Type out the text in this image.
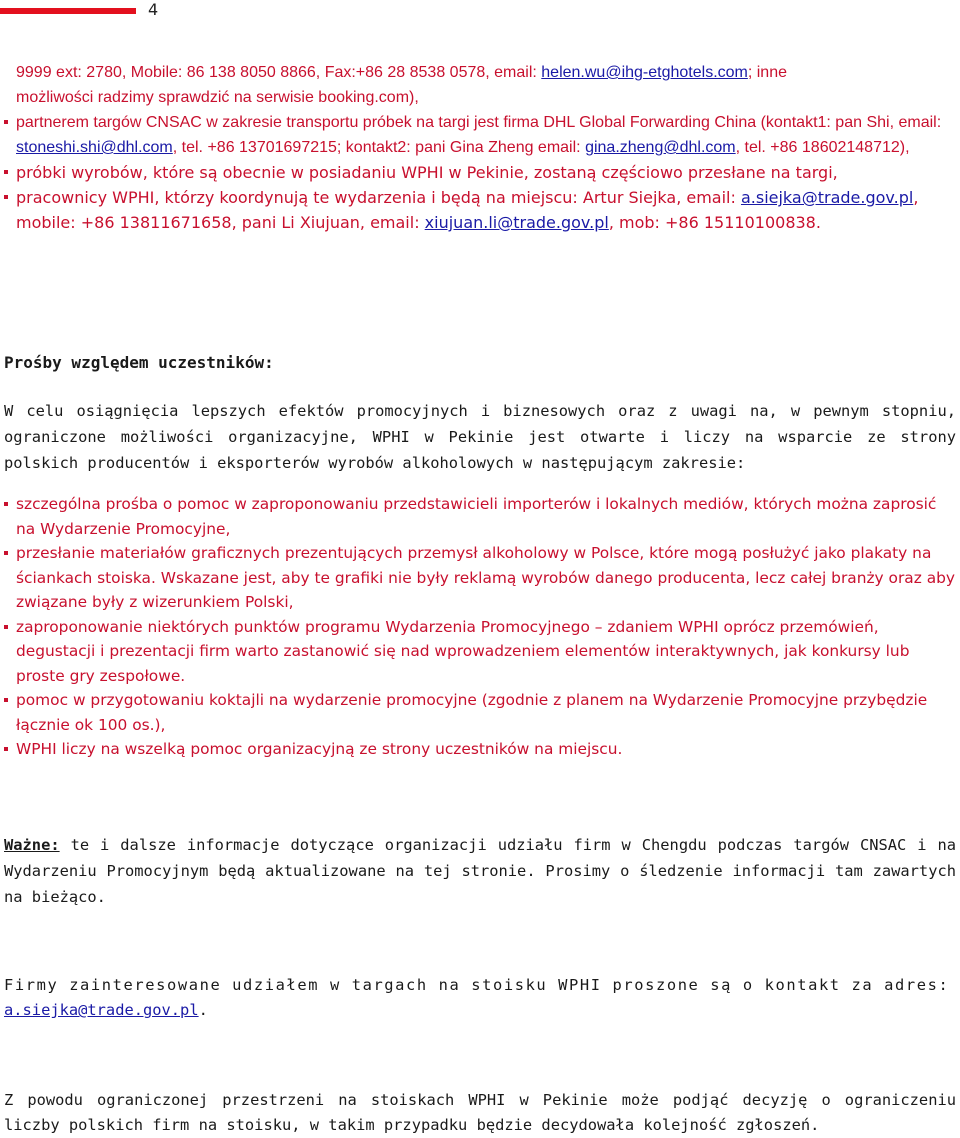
4
9999 ext: 2780, Mobile: 86 138 8050 8866, Fax:+86 28 8538 0578, email: helen.wu@ihg-etghotels.com; inne
możliwości radzimy sprawdzić na serwisie booking.com),
partnerem targów CNSAC w zakresie transportu próbek na targi jest firma DHL Global Forwarding China (kontakt1: pan Shi, email: stoneshi.shi@dhl.com, tel. +86 13701697215; kontakt2: pani Gina Zheng email: gina.zheng@dhl.com, tel. +86 18602148712),
próbki wyrobów, które są obecnie w posiadaniu WPHI w Pekinie, zostaną częściowo przesłane na targi,
pracownicy WPHI, którzy koordynują te wydarzenia i będą na miejscu: Artur Siejka, email: a.siejka@trade.gov.pl, mobile: +86 13811671658, pani Li Xiujuan, email: xiujuan.li@trade.gov.pl, mob: +86 15110100838.
Prośby względem uczestników:
W celu osiągnięcia lepszych efektów promocyjnych i biznesowych oraz z uwagi na, w pewnym stopniu, ograniczone możliwości organizacyjne, WPHI w Pekinie jest otwarte i liczy na wsparcie ze strony polskich producentów i eksporterów wyrobów alkoholowych w następującym zakresie:
szczególna prośba o pomoc w zaproponowaniu przedstawicieli importerów i lokalnych mediów, których można zaprosić na Wydarzenie Promocyjne,
przesłanie materiałów graficznych prezentujących przemysł alkoholowy w Polsce, które mogą posłużyć jako plakaty na ściankach stoiska. Wskazane jest, aby te grafiki nie były reklamą wyrobów danego producenta, lecz całej branży oraz aby związane były z wizerunkiem Polski,
zaproponowanie niektórych punktów programu Wydarzenia Promocyjnego – zdaniem WPHI oprócz przemówień, degustacji i prezentacji firm warto zastanowić się nad wprowadzeniem elementów interaktywnych, jak konkursy lub proste gry zespołowe.
pomoc w przygotowaniu koktajli na wydarzenie promocyjne (zgodnie z planem na Wydarzenie Promocyjne przybędzie łącznie ok 100 os.),
WPHI liczy na wszelką pomoc organizacyjną ze strony uczestników na miejscu.
Ważne: te i dalsze informacje dotyczące organizacji udziału firm w Chengdu podczas targów CNSAC i na Wydarzeniu Promocyjnym będą aktualizowane na tej stronie. Prosimy o śledzenie informacji tam zawartych na bieżąco.
Firmy zainteresowane udziałem w targach na stoisku WPHI proszone są o kontakt za adres: a.siejka@trade.gov.pl.
Z powodu ograniczonej przestrzeni na stoiskach WPHI w Pekinie może podjąć decyzję o ograniczeniu liczby polskich firm na stoisku, w takim przypadku będzie decydowała kolejność zgłoszeń.
